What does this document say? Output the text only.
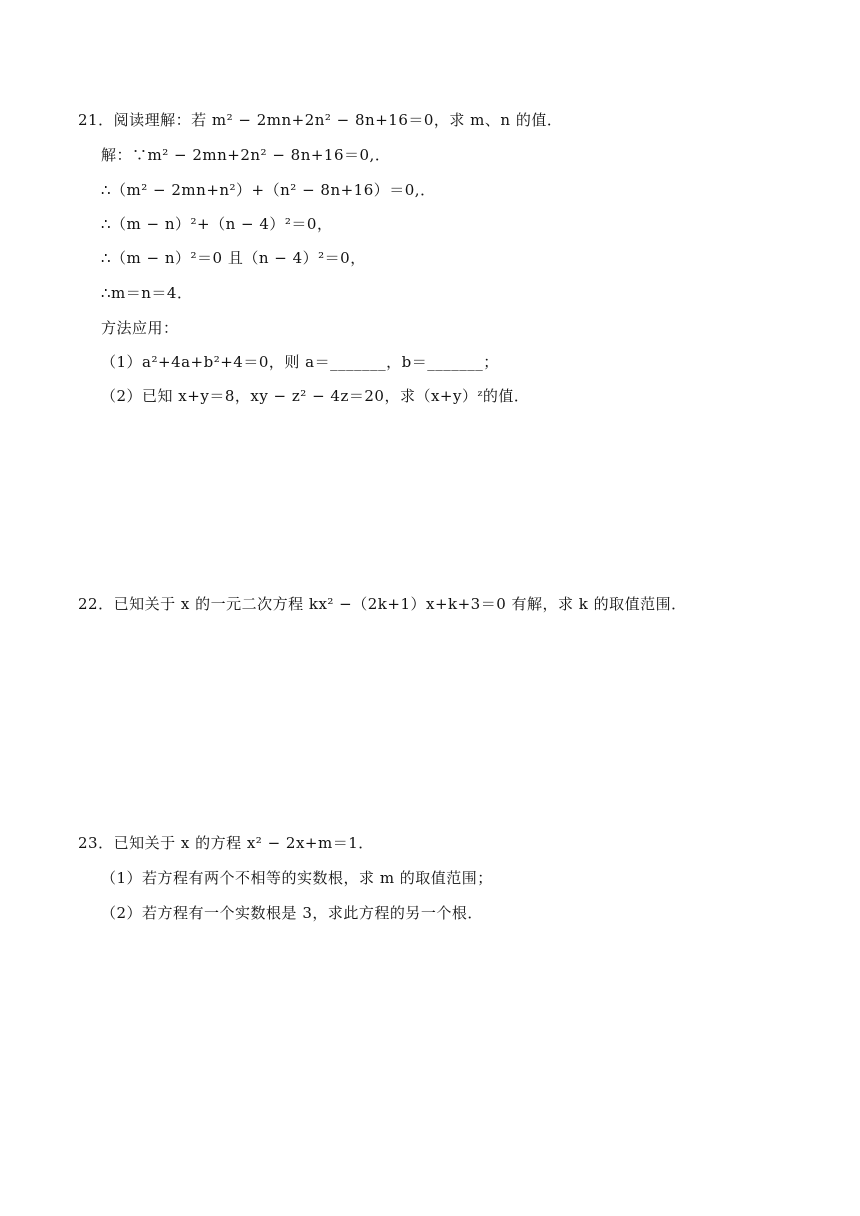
21．阅读理解：若 m² − 2mn+2n² − 8n+16＝0，求 m、n 的值．
解：∵m² − 2mn+2n² − 8n+16＝0,．
∴（m² − 2mn+n²）+（n² − 8n+16）＝0,．
∴（m − n）²+（n − 4）²＝0，
∴（m − n）²＝0 且（n − 4）²＝0，
∴m＝n＝4．
方法应用：
（1）a²+4a+b²+4＝0，则 a＝_______，b＝_______；
（2）已知 x+y＝8，xy − z² − 4z＝20，求（x+y）ᶻ的值．
22．已知关于 x 的一元二次方程 kx² −（2k+1）x+k+3＝0 有解，求 k 的取值范围．
23．已知关于 x 的方程 x² − 2x+m＝1．
（1）若方程有两个不相等的实数根，求 m 的取值范围；
（2）若方程有一个实数根是 3，求此方程的另一个根．
